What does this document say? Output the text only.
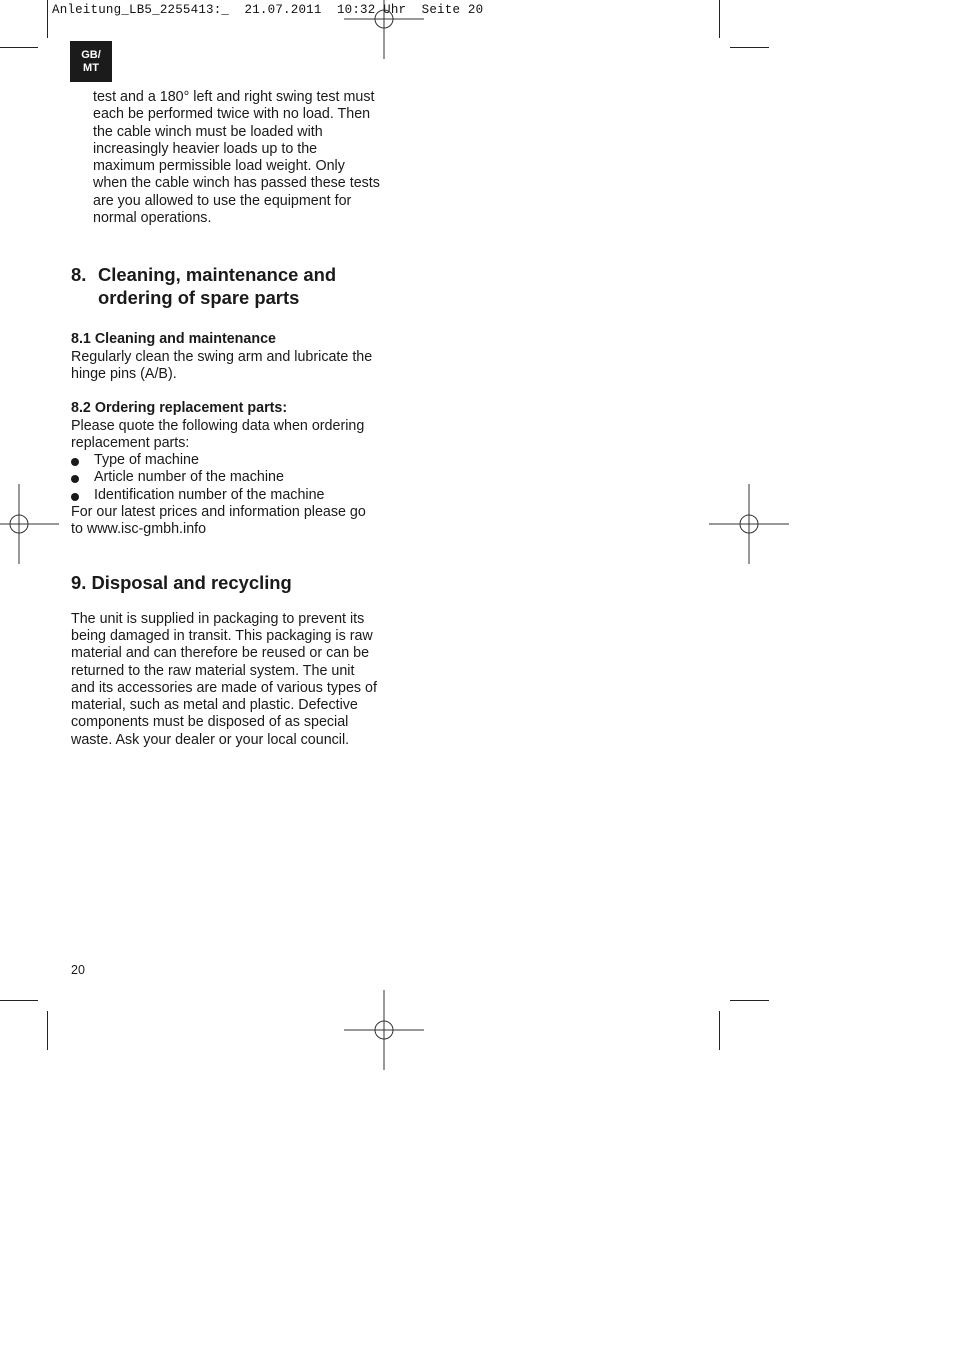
Anleitung_LB5_2255413:_  21.07.2011  10:32 Uhr  Seite 20
GB/
MT

test and a 180° left and right swing test must each be performed twice with no load. Then the cable winch must be loaded with increasingly heavier loads up to the maximum permissible load weight. Only when the cable winch has passed these tests are you allowed to use the equipment for normal operations.

8. Cleaning, maintenance and ordering of spare parts
8.1 Cleaning and maintenance

Regularly clean the swing arm and lubricate the hinge pins (A/B).

8.2 Ordering replacement parts:

Please quote the following data when ordering replacement parts:

Type of machine
Article number of the machine
Identification number of the machine

For our latest prices and information please go to www.isc-gmbh.info

9. Disposal and recycling

The unit is supplied in packaging to prevent its being damaged in transit. This packaging is raw material and can therefore be reused or can be returned to the raw material system. The unit and its accessories are made of various types of material, such as metal and plastic. Defective components must be disposed of as special waste. Ask your dealer or your local council.

20
